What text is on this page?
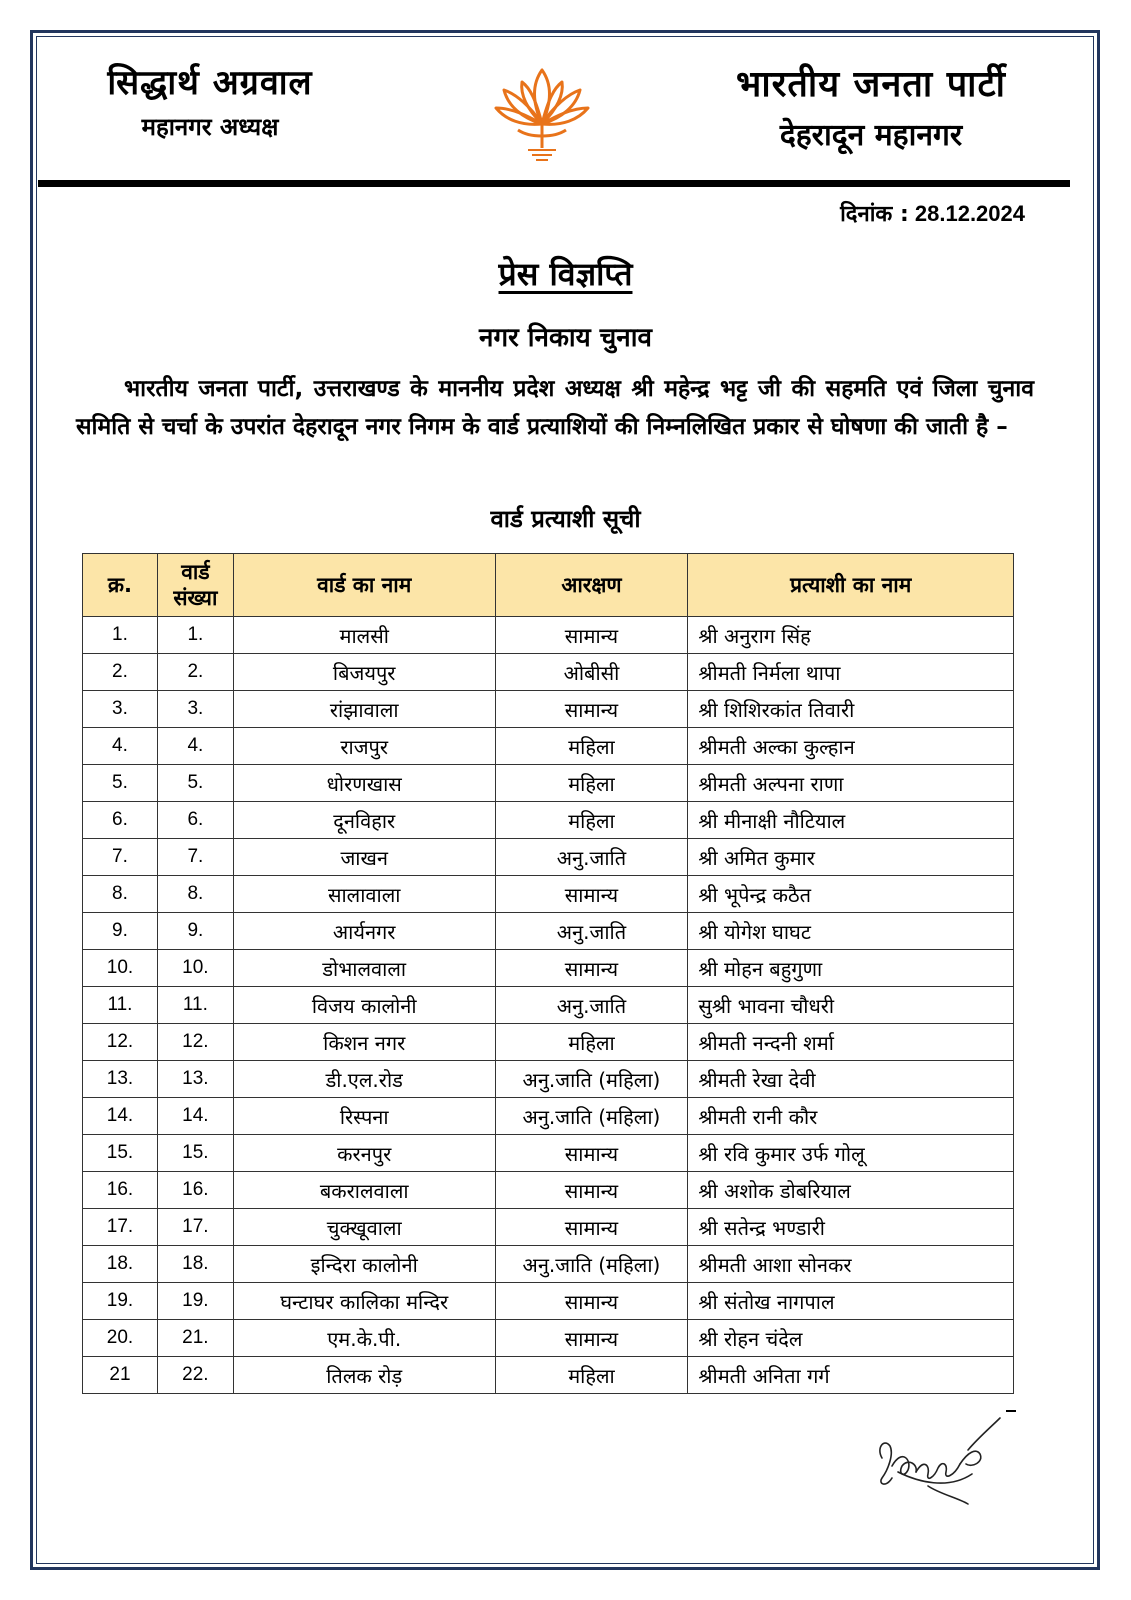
सिद्धार्थ अग्रवाल
महानगर अध्यक्ष
भारतीय जनता पार्टी
देहरादून महानगर
दिनांक : 28.12.2024
प्रेस विज्ञप्ति
नगर निकाय चुनाव
भारतीय जनता पार्टी, उत्तराखण्ड के माननीय प्रदेश अध्यक्ष श्री महेन्द्र भट्ट जी की सहमति एवं जिला चुनाव समिति से चर्चा के उपरांत देहरादून नगर निगम के वार्ड प्रत्याशियों की निम्नलिखित प्रकार से घोषणा की जाती है –
वार्ड प्रत्याशी सूची
क्र.	वार्ड संख्या	वार्ड का नाम	आरक्षण	प्रत्याशी का नाम
1.	1.	मालसी	सामान्य	श्री अनुराग सिंह
2.	2.	बिजयपुर	ओबीसी	श्रीमती निर्मला थापा
3.	3.	रांझावाला	सामान्य	श्री शिशिरकांत तिवारी
4.	4.	राजपुर	महिला	श्रीमती अल्का कुल्हान
5.	5.	धोरणखास	महिला	श्रीमती अल्पना राणा
6.	6.	दूनविहार	महिला	श्री मीनाक्षी नौटियाल
7.	7.	जाखन	अनु.जाति	श्री अमित कुमार
8.	8.	सालावाला	सामान्य	श्री भूपेन्द्र कठैत
9.	9.	आर्यनगर	अनु.जाति	श्री योगेश घाघट
10.	10.	डोभालवाला	सामान्य	श्री मोहन बहुगुणा
11.	11.	विजय कालोनी	अनु.जाति	सुश्री भावना चौधरी
12.	12.	किशन नगर	महिला	श्रीमती नन्दनी शर्मा
13.	13.	डी.एल.रोड	अनु.जाति (महिला)	श्रीमती रेखा देवी
14.	14.	रिस्पना	अनु.जाति (महिला)	श्रीमती रानी कौर
15.	15.	करनपुर	सामान्य	श्री रवि कुमार उर्फ गोलू
16.	16.	बकरालवाला	सामान्य	श्री अशोक डोबरियाल
17.	17.	चुक्खूवाला	सामान्य	श्री सतेन्द्र भण्डारी
18.	18.	इन्दिरा कालोनी	अनु.जाति (महिला)	श्रीमती आशा सोनकर
19.	19.	घन्टाघर कालिका मन्दिर	सामान्य	श्री संतोख नागपाल
20.	21.	एम.के.पी.	सामान्य	श्री रोहन चंदेल
21	22.	तिलक रोड़	महिला	श्रीमती अनिता गर्ग
